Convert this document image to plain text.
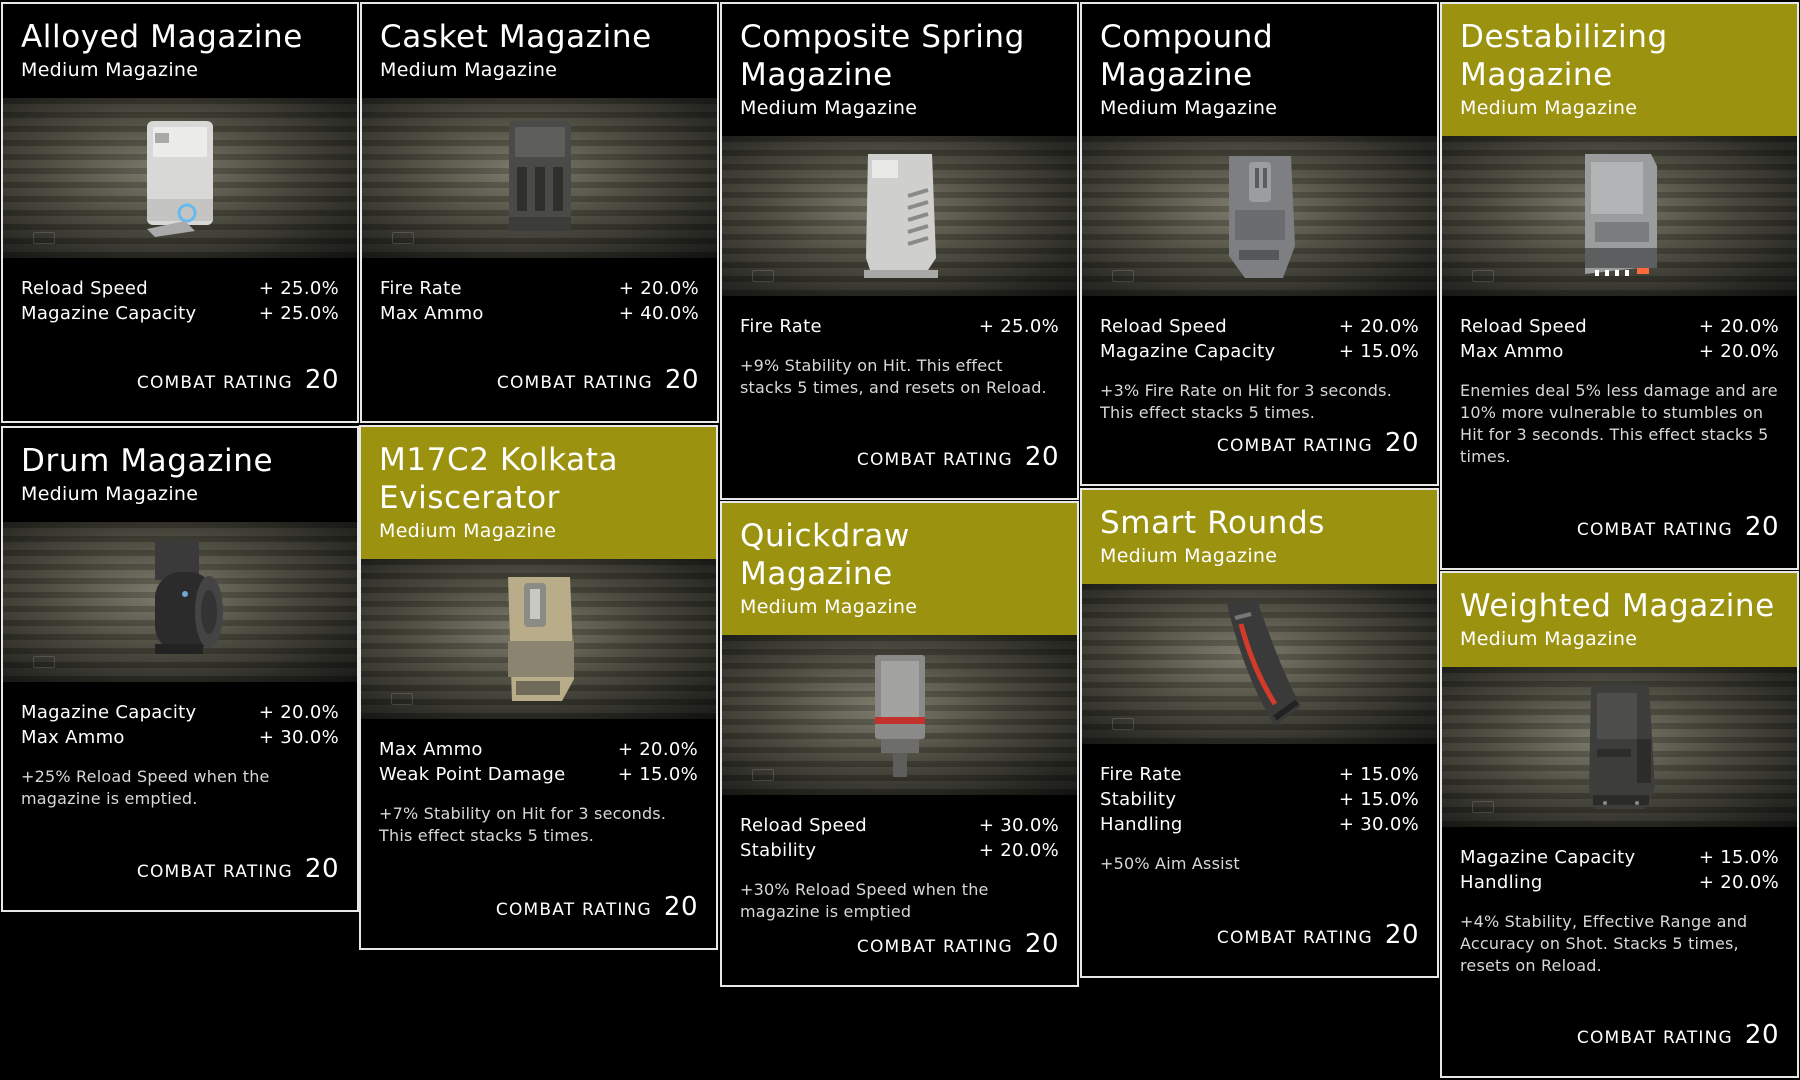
Alloyed Magazine
Medium Magazine
Reload Speed	+ 25.0%
Magazine Capacity	+ 25.0%
COMBAT RATING 20
Casket Magazine
Medium Magazine
Fire Rate	+ 20.0%
Max Ammo	+ 40.0%
COMBAT RATING 20
Composite Spring Magazine
Medium Magazine
Fire Rate	+ 25.0%
+9% Stability on Hit. This effect stacks 5 times, and resets on Reload.
COMBAT RATING 20
Compound Magazine
Medium Magazine
Reload Speed	+ 20.0%
Magazine Capacity	+ 15.0%
+3% Fire Rate on Hit for 3 seconds. This effect stacks 5 times.
COMBAT RATING 20
Destabilizing Magazine
Medium Magazine
Reload Speed	+ 20.0%
Max Ammo	+ 20.0%
Enemies deal 5% less damage and are 10% more vulnerable to stumbles on Hit for 3 seconds. This effect stacks 5 times.
COMBAT RATING 20
Drum Magazine
Medium Magazine
Magazine Capacity	+ 20.0%
Max Ammo	+ 30.0%
+25% Reload Speed when the magazine is emptied.
COMBAT RATING 20
M17C2 Kolkata Eviscerator
Medium Magazine
Max Ammo	+ 20.0%
Weak Point Damage	+ 15.0%
+7% Stability on Hit for 3 seconds. This effect stacks 5 times.
COMBAT RATING 20
Quickdraw Magazine
Medium Magazine
Reload Speed	+ 30.0%
Stability	+ 20.0%
+30% Reload Speed when the magazine is emptied
COMBAT RATING 20
Smart Rounds
Medium Magazine
Fire Rate	+ 15.0%
Stability	+ 15.0%
Handling	+ 30.0%
+50% Aim Assist
COMBAT RATING 20
Weighted Magazine
Medium Magazine
Magazine Capacity	+ 15.0%
Handling	+ 20.0%
+4% Stability, Effective Range and Accuracy on Shot. Stacks 5 times, resets on Reload.
COMBAT RATING 20
